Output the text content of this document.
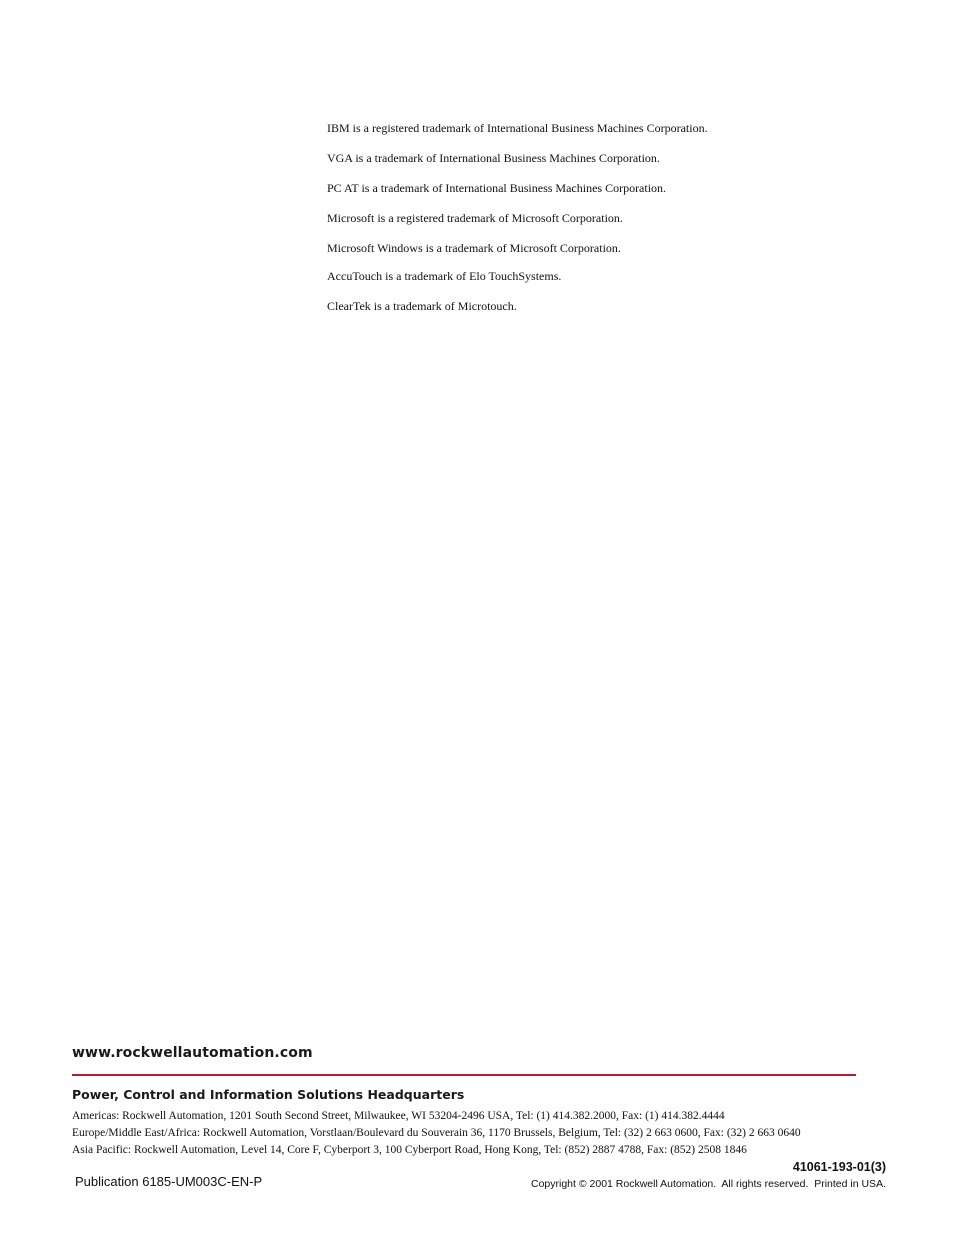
IBM is a registered trademark of International Business Machines Corporation.
VGA is a trademark of International Business Machines Corporation.
PC AT is a trademark of International Business Machines Corporation.
Microsoft is a registered trademark of Microsoft Corporation.
Microsoft Windows is a trademark of Microsoft Corporation.
AccuTouch is a trademark of Elo TouchSystems.
ClearTek is a trademark of Microtouch.
www.rockwellautomation.com
Power, Control and Information Solutions Headquarters
Americas: Rockwell Automation, 1201 South Second Street, Milwaukee, WI 53204-2496 USA, Tel: (1) 414.382.2000, Fax: (1) 414.382.4444
Europe/Middle East/Africa: Rockwell Automation, Vorstlaan/Boulevard du Souverain 36, 1170 Brussels, Belgium, Tel: (32) 2 663 0600, Fax: (32) 2 663 0640
Asia Pacific: Rockwell Automation, Level 14, Core F, Cyberport 3, 100 Cyberport Road, Hong Kong, Tel: (852) 2887 4788, Fax: (852) 2508 1846
Publication 6185-UM003C-EN-P
41061-193-01(3)
Copyright © 2001 Rockwell Automation.  All rights reserved.  Printed in USA.
